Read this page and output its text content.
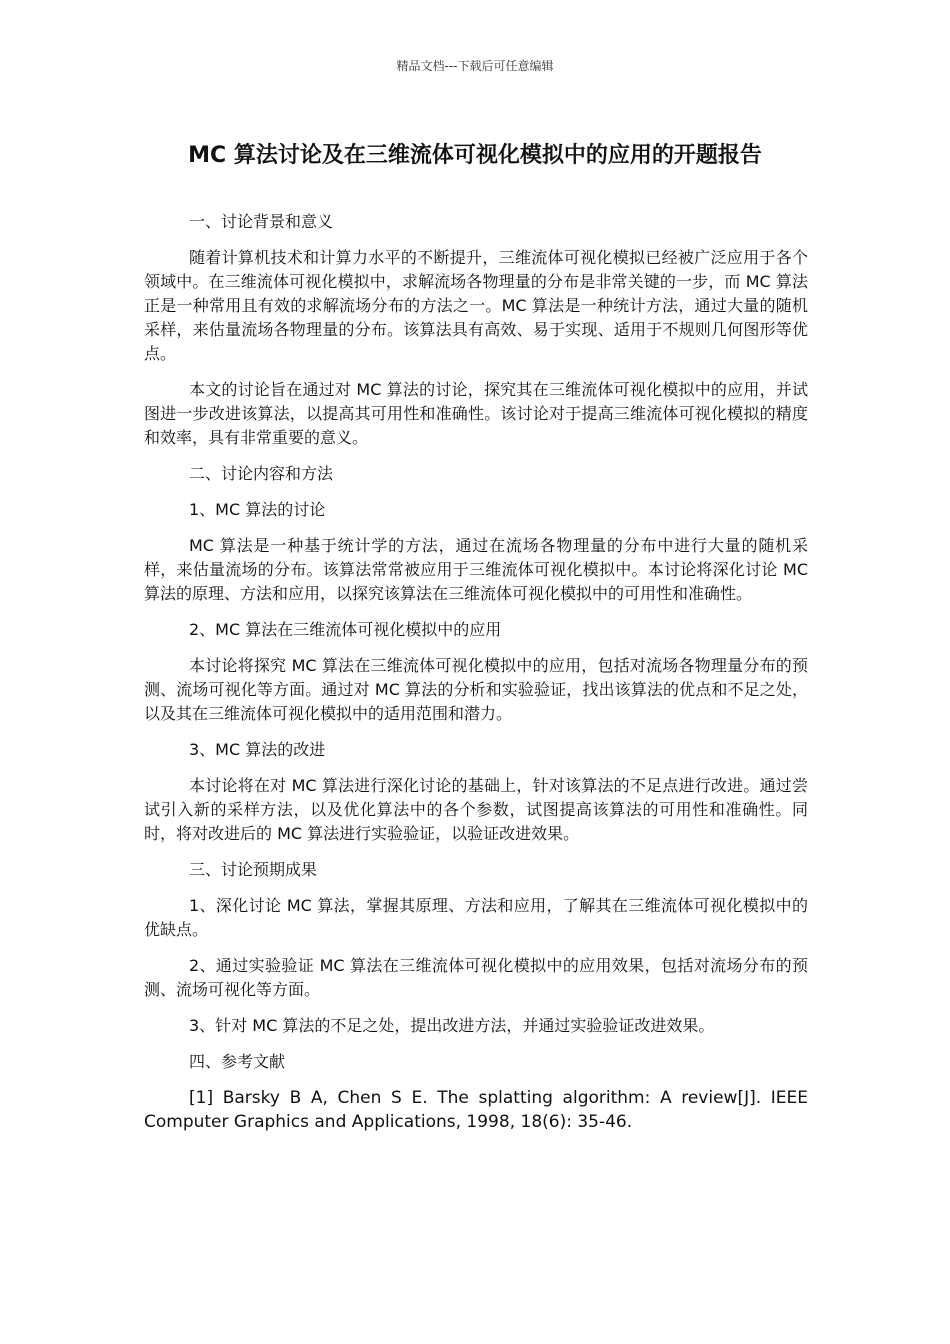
精品文档---下载后可任意编辑
MC 算法讨论及在三维流体可视化模拟中的应用的开题报告

一、讨论背景和意义

随着计算机技术和计算力水平的不断提升，三维流体可视化模拟已经被广泛应用于各个领域中。在三维流体可视化模拟中，求解流场各物理量的分布是非常关键的一步，而 MC 算法正是一种常用且有效的求解流场分布的方法之一。MC 算法是一种统计方法，通过大量的随机采样，来估量流场各物理量的分布。该算法具有高效、易于实现、适用于不规则几何图形等优点。

本文的讨论旨在通过对 MC 算法的讨论，探究其在三维流体可视化模拟中的应用，并试图进一步改进该算法，以提高其可用性和准确性。该讨论对于提高三维流体可视化模拟的精度和效率，具有非常重要的意义。

二、讨论内容和方法

1、MC 算法的讨论

MC 算法是一种基于统计学的方法，通过在流场各物理量的分布中进行大量的随机采样，来估量流场的分布。该算法常常被应用于三维流体可视化模拟中。本讨论将深化讨论 MC 算法的原理、方法和应用，以探究该算法在三维流体可视化模拟中的可用性和准确性。

2、MC 算法在三维流体可视化模拟中的应用

本讨论将探究 MC 算法在三维流体可视化模拟中的应用，包括对流场各物理量分布的预测、流场可视化等方面。通过对 MC 算法的分析和实验验证，找出该算法的优点和不足之处，以及其在三维流体可视化模拟中的适用范围和潜力。

3、MC 算法的改进

本讨论将在对 MC 算法进行深化讨论的基础上，针对该算法的不足点进行改进。通过尝试引入新的采样方法，以及优化算法中的各个参数，试图提高该算法的可用性和准确性。同时，将对改进后的 MC 算法进行实验验证，以验证改进效果。

三、讨论预期成果

1、深化讨论 MC 算法，掌握其原理、方法和应用，了解其在三维流体可视化模拟中的优缺点。

2、通过实验验证 MC 算法在三维流体可视化模拟中的应用效果，包括对流场分布的预测、流场可视化等方面。

3、针对 MC 算法的不足之处，提出改进方法，并通过实验验证改进效果。

四、参考文献

[1] Barsky B A, Chen S E. The splatting algorithm: A review[J]. IEEE Computer Graphics and Applications, 1998, 18(6): 35-46.
